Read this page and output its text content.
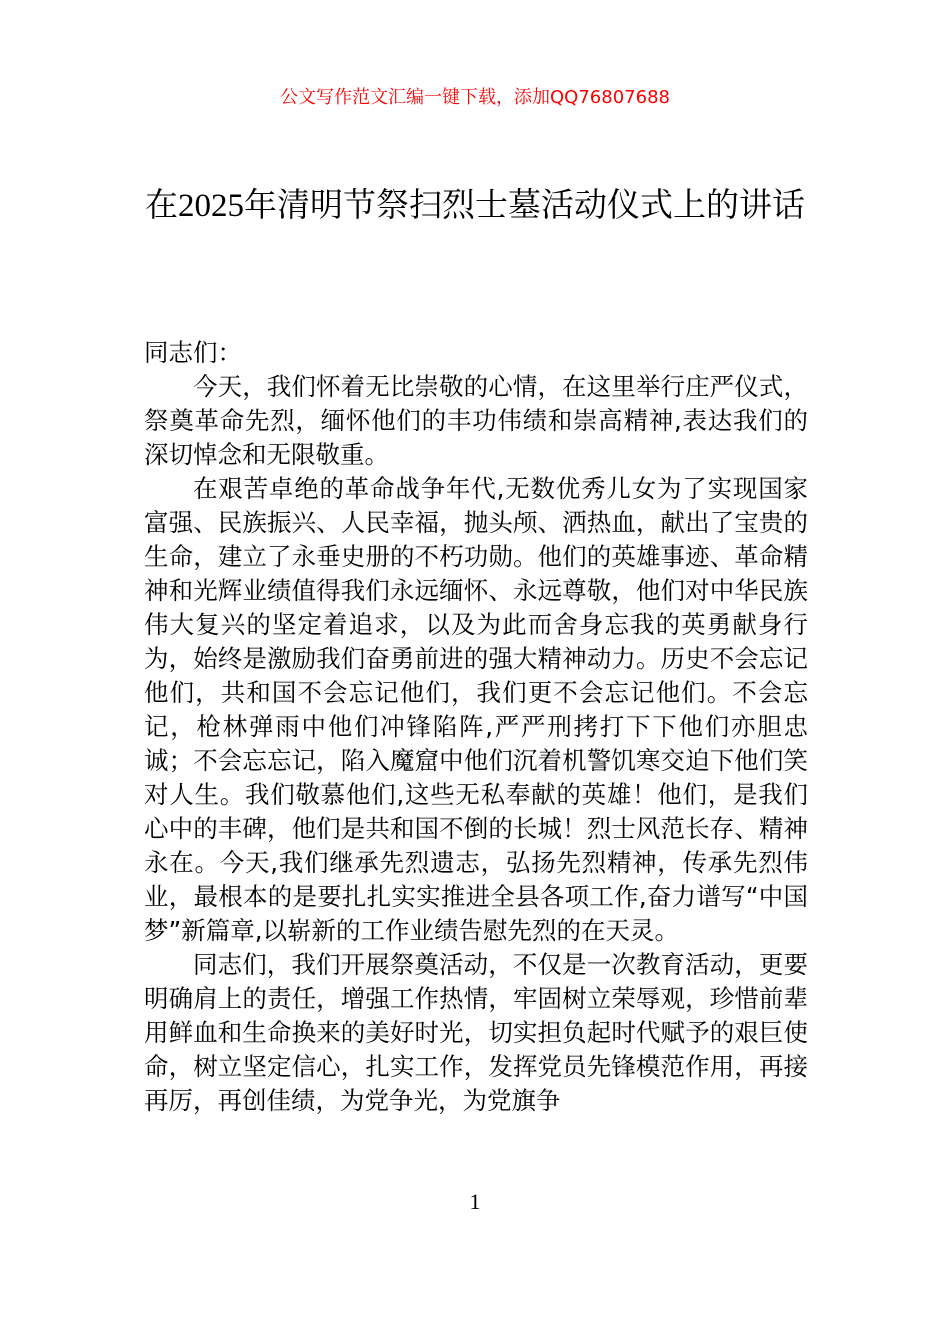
公文写作范文汇编一键下载，添加QQ76807688
在2025年清明节祭扫烈士墓活动仪式上的讲话

同志们：

今天，我们怀着无比崇敬的心情，在这里举行庄严仪式，祭奠革命先烈，缅怀他们的丰功伟绩和崇高精神,表达我们的深切悼念和无限敬重。

在艰苦卓绝的革命战争年代,无数优秀儿女为了实现国家富强、民族振兴、人民幸福，抛头颅、洒热血，献出了宝贵的生命，建立了永垂史册的不朽功勋。他们的英雄事迹、革命精神和光辉业绩值得我们永远缅怀、永远尊敬，他们对中华民族伟大复兴的坚定着追求，以及为此而舍身忘我的英勇献身行为，始终是激励我们奋勇前进的强大精神动力。历史不会忘记他们，共和国不会忘记他们，我们更不会忘记他们。不会忘记，枪林弹雨中他们冲锋陷阵,严严刑拷打下下他们亦胆忠诚；不会忘忘记，陷入魔窟中他们沉着机警饥寒交迫下他们笑对人生。我们敬慕他们,这些无私奉献的英雄！他们，是我们心中的丰碑，他们是共和国不倒的长城！烈士风范长存、精神永在。今天,我们继承先烈遗志，弘扬先烈精神，传承先烈伟业，最根本的是要扎扎实实推进全县各项工作,奋力谱写“中国梦”新篇章,以崭新的工作业绩告慰先烈的在天灵。

同志们，我们开展祭奠活动，不仅是一次教育活动，更要明确肩上的责任，增强工作热情，牢固树立荣辱观，珍惜前辈用鲜血和生命换来的美好时光，切实担负起时代赋予的艰巨使命，树立坚定信心，扎实工作，发挥党员先锋模范作用，再接再厉，再创佳绩，为党争光，为党旗争

1
